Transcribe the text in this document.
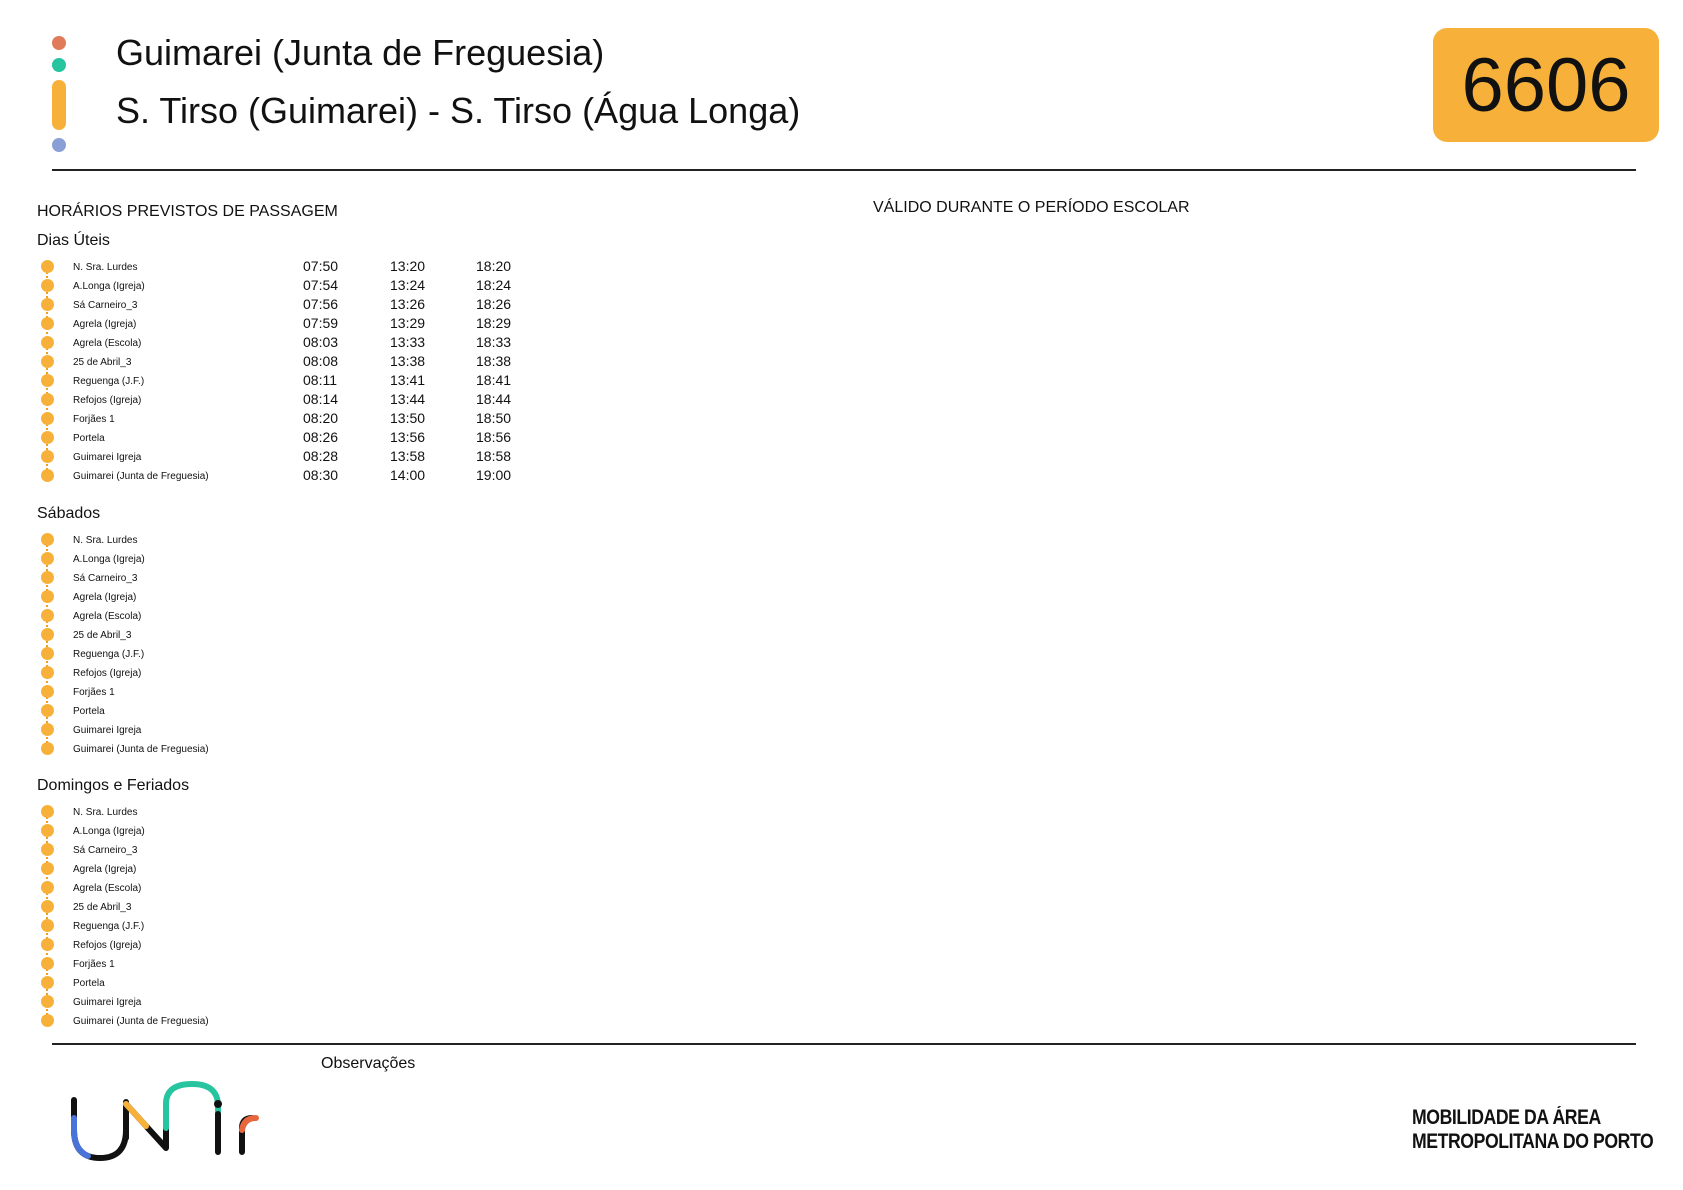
Guimarei (Junta de Freguesia)
S. Tirso (Guimarei) - S. Tirso (Água Longa)	6606
HORÁRIOS PREVISTOS DE PASSAGEM	VÁLIDO DURANTE O PERÍODO ESCOLAR
Dias Úteis
N. Sra. Lurdes	07:50	13:20	18:20
A.Longa (Igreja)	07:54	13:24	18:24
Sá Carneiro_3	07:56	13:26	18:26
Agrela (Igreja)	07:59	13:29	18:29
Agrela (Escola)	08:03	13:33	18:33
25 de Abril_3	08:08	13:38	18:38
Reguenga (J.F.)	08:11	13:41	18:41
Refojos (Igreja)	08:14	13:44	18:44
Forjães 1	08:20	13:50	18:50
Portela	08:26	13:56	18:56
Guimarei Igreja	08:28	13:58	18:58
Guimarei (Junta de Freguesia)	08:30	14:00	19:00
Sábados
N. Sra. Lurdes
A.Longa (Igreja)
Sá Carneiro_3
Agrela (Igreja)
Agrela (Escola)
25 de Abril_3
Reguenga (J.F.)
Refojos (Igreja)
Forjães 1
Portela
Guimarei Igreja
Guimarei (Junta de Freguesia)
Domingos e Feriados
N. Sra. Lurdes
A.Longa (Igreja)
Sá Carneiro_3
Agrela (Igreja)
Agrela (Escola)
25 de Abril_3
Reguenga (J.F.)
Refojos (Igreja)
Forjães 1
Portela
Guimarei Igreja
Guimarei (Junta de Freguesia)
Observações
MOBILIDADE DA ÁREA
METROPOLITANA DO PORTO
